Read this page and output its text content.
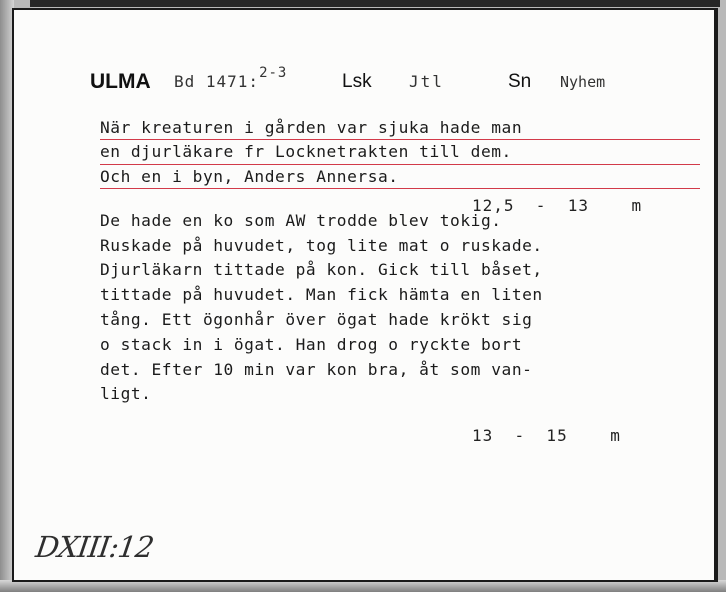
ULMA Bd 1471:$^{2-3}$	Lsk Jtl	Sn Nyhem
När kreaturen i gården var sjuka hade man
en djurläkare fr Locknetrakten till dem.
Och en i byn, Anders Annersa.
De hade en ko som AW trodde blev tokig.
Ruskade på huvudet, tog lite mat o ruskade.
Djurläkarn tittade på kon. Gick till båset,
tittade på huvudet. Man fick hämta en liten
tång. Ett ögonhår över ögat hade krökt sig
o stack in i ögat. Han drog o ryckte bort
det. Efter 10 min var kon bra, åt som van-
ligt.
12,5  -  13    m
13  -  15    m
DXIII:12
